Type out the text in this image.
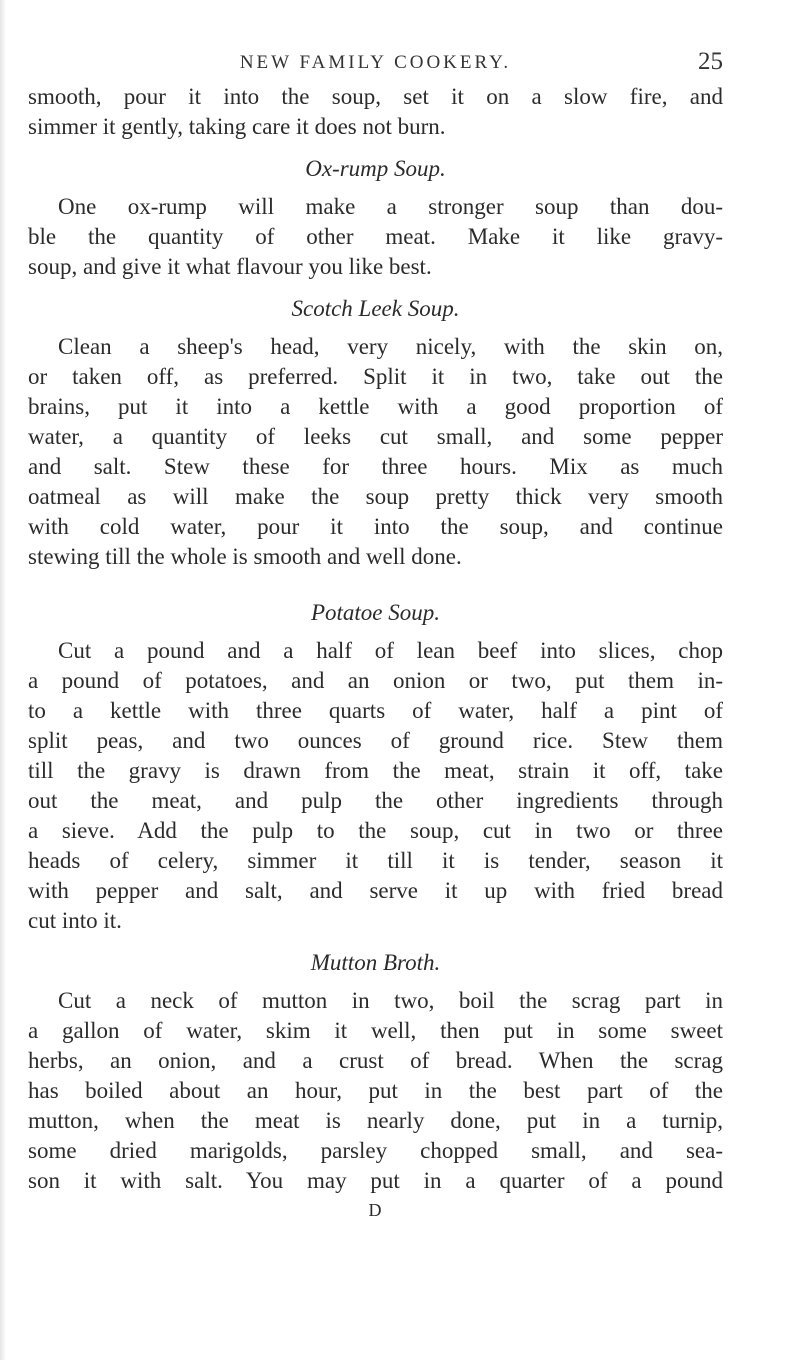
NEW FAMILY COOKERY.	25
smooth, pour it into the soup, set it on a slow fire, and
simmer it gently, taking care it does not burn.
Ox-rump Soup.
One ox-rump will make a stronger soup than dou-
ble the quantity of other meat. Make it like gravy-
soup, and give it what flavour you like best.
Scotch Leek Soup.
Clean a sheep's head, very nicely, with the skin on,
or taken off, as preferred. Split it in two, take out the
brains, put it into a kettle with a good proportion of
water, a quantity of leeks cut small, and some pepper
and salt. Stew these for three hours. Mix as much
oatmeal as will make the soup pretty thick very smooth
with cold water, pour it into the soup, and continue
stewing till the whole is smooth and well done.
Potatoe Soup.
Cut a pound and a half of lean beef into slices, chop
a pound of potatoes, and an onion or two, put them in-
to a kettle with three quarts of water, half a pint of
split peas, and two ounces of ground rice. Stew them
till the gravy is drawn from the meat, strain it off, take
out the meat, and pulp the other ingredients through
a sieve. Add the pulp to the soup, cut in two or three
heads of celery, simmer it till it is tender, season it
with pepper and salt, and serve it up with fried bread
cut into it.
Mutton Broth.
Cut a neck of mutton in two, boil the scrag part in
a gallon of water, skim it well, then put in some sweet
herbs, an onion, and a crust of bread. When the scrag
has boiled about an hour, put in the best part of the
mutton, when the meat is nearly done, put in a turnip,
some dried marigolds, parsley chopped small, and sea-
son it with salt. You may put in a quarter of a pound
D
